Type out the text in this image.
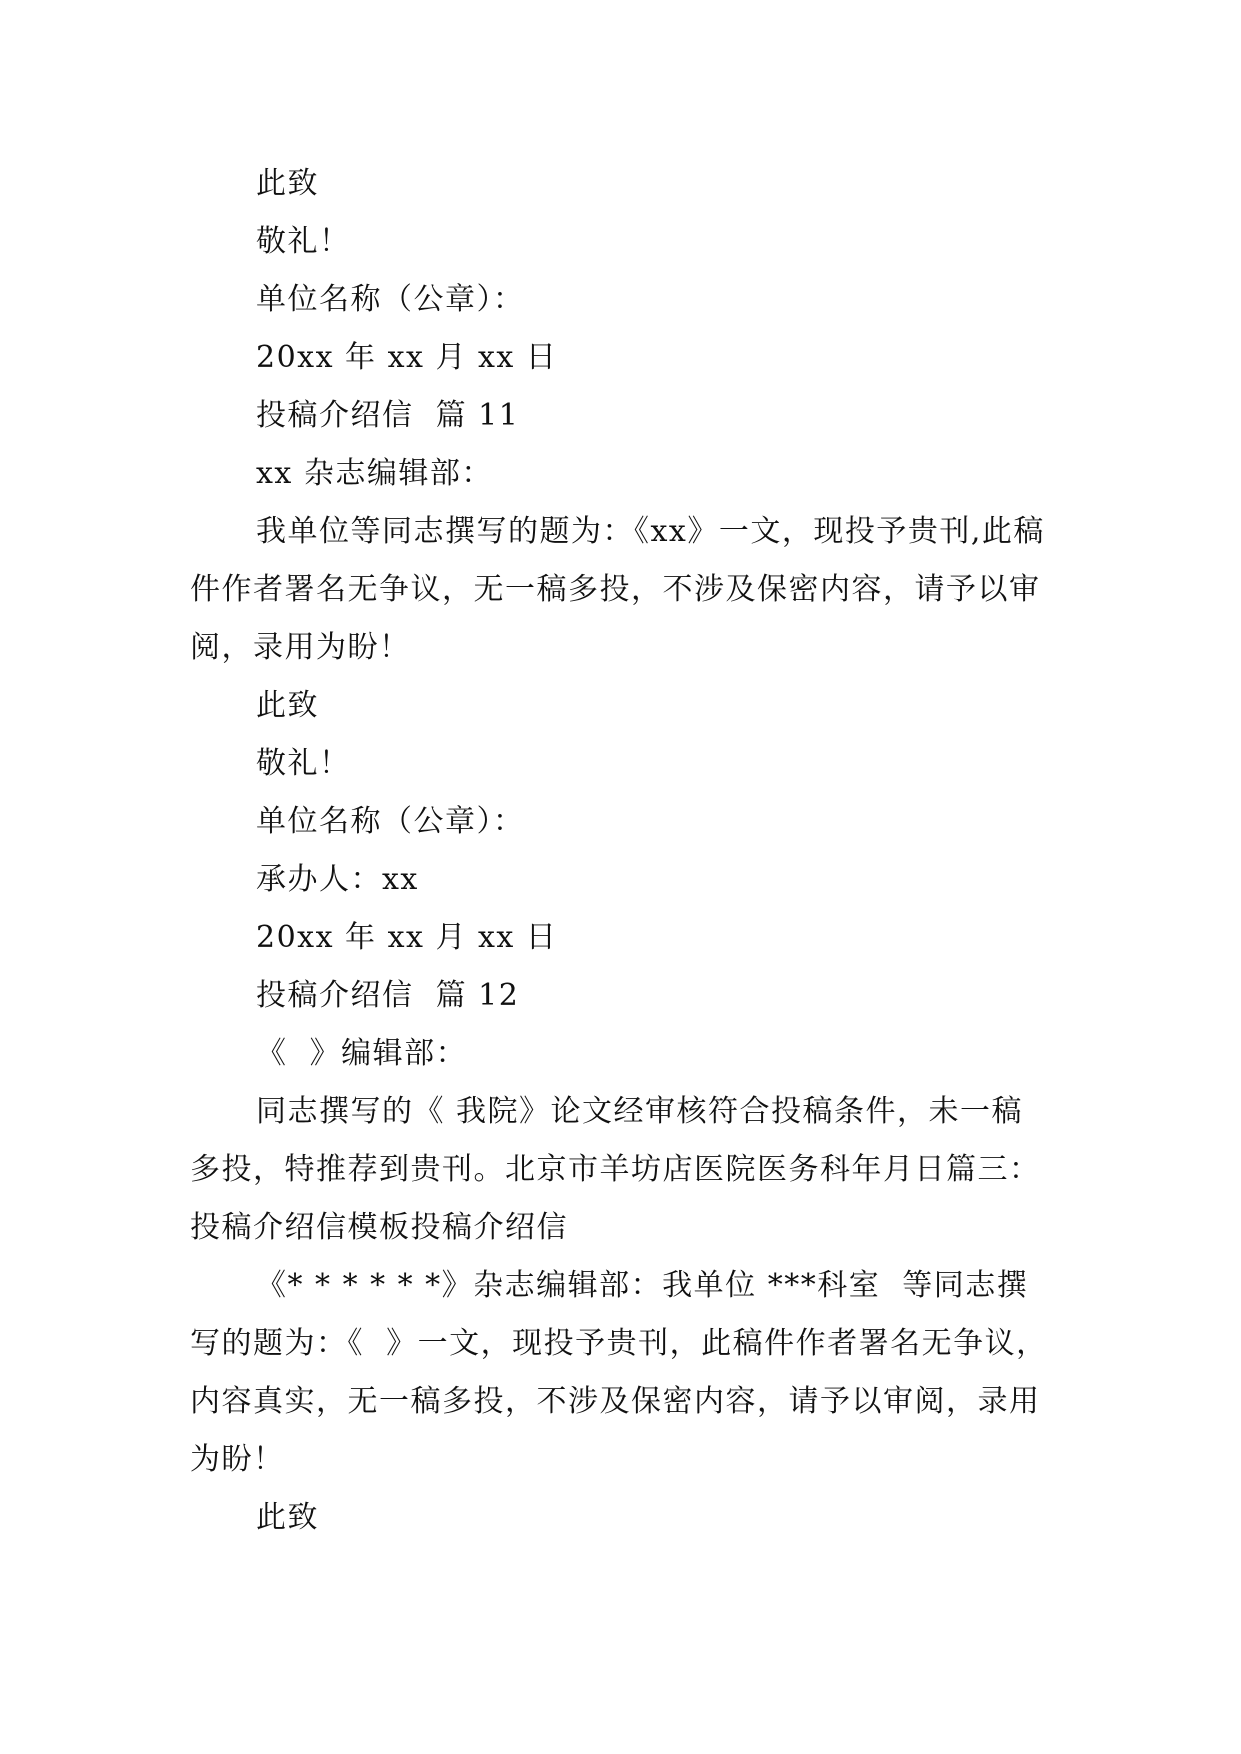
此致

敬礼！

单位名称（公章）：

20xx 年 xx 月 xx 日

投稿介绍信  篇 11

xx 杂志编辑部：

我单位等同志撰写的题为：《xx》一文，现投予贵刊,此稿件作者署名无争议，无一稿多投，不涉及保密内容，请予以审阅，录用为盼！

此致

敬礼！

单位名称（公章）：

承办人：xx

20xx 年 xx 月 xx 日

投稿介绍信  篇 12

《  》编辑部：

同志撰写的《 我院》论文经审核符合投稿条件，未一稿多投，特推荐到贵刊。北京市羊坊店医院医务科年月日篇三：投稿介绍信模板投稿介绍信

《* * * * * *》杂志编辑部：我单位 ***科室  等同志撰写的题为：《  》一文，现投予贵刊，此稿件作者署名无争议，内容真实，无一稿多投，不涉及保密内容，请予以审阅，录用为盼！

此致
